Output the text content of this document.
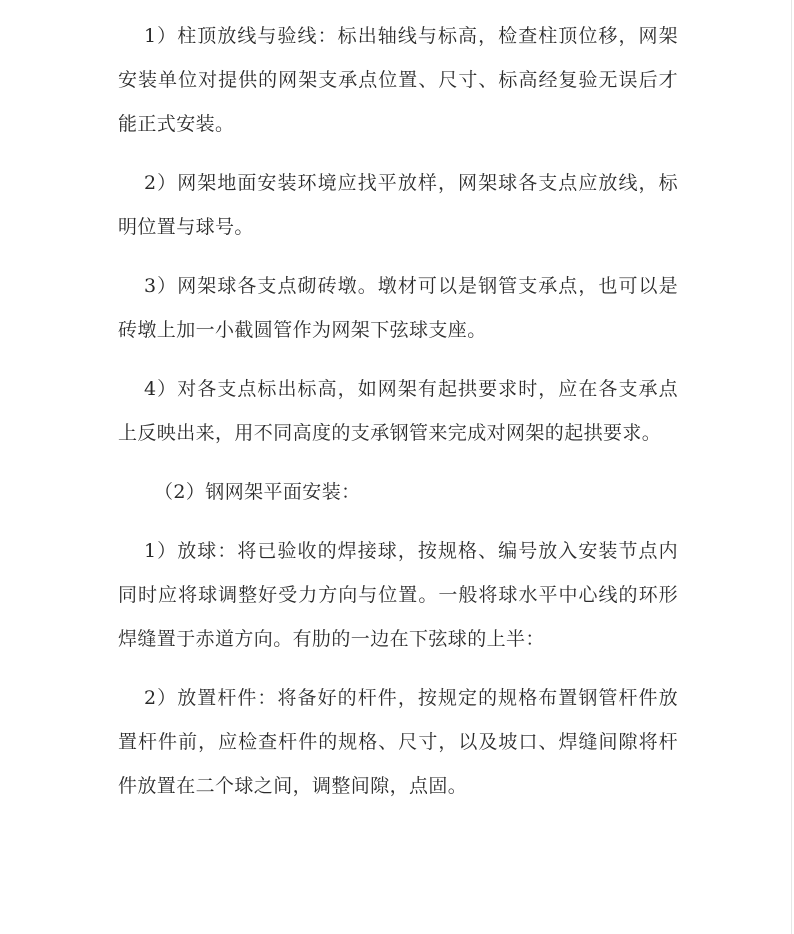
1）柱顶放线与验线：标出轴线与标高，检查柱顶位移，网架安装单位对提供的网架支承点位置、尺寸、标高经复验无误后才能正式安装。

2）网架地面安装环境应找平放样，网架球各支点应放线，标明位置与球号。

3）网架球各支点砌砖墩。墩材可以是钢管支承点，也可以是砖墩上加一小截圆管作为网架下弦球支座。

4）对各支点标出标高，如网架有起拱要求时，应在各支承点上反映出来，用不同高度的支承钢管来完成对网架的起拱要求。

（2）钢网架平面安装：

1）放球：将已验收的焊接球，按规格、编号放入安装节点内同时应将球调整好受力方向与位置。一般将球水平中心线的环形焊缝置于赤道方向。有肋的一边在下弦球的上半：

2）放置杆件：将备好的杆件，按规定的规格布置钢管杆件放置杆件前，应检查杆件的规格、尺寸，以及坡口、焊缝间隙将杆件放置在二个球之间，调整间隙，点固。
